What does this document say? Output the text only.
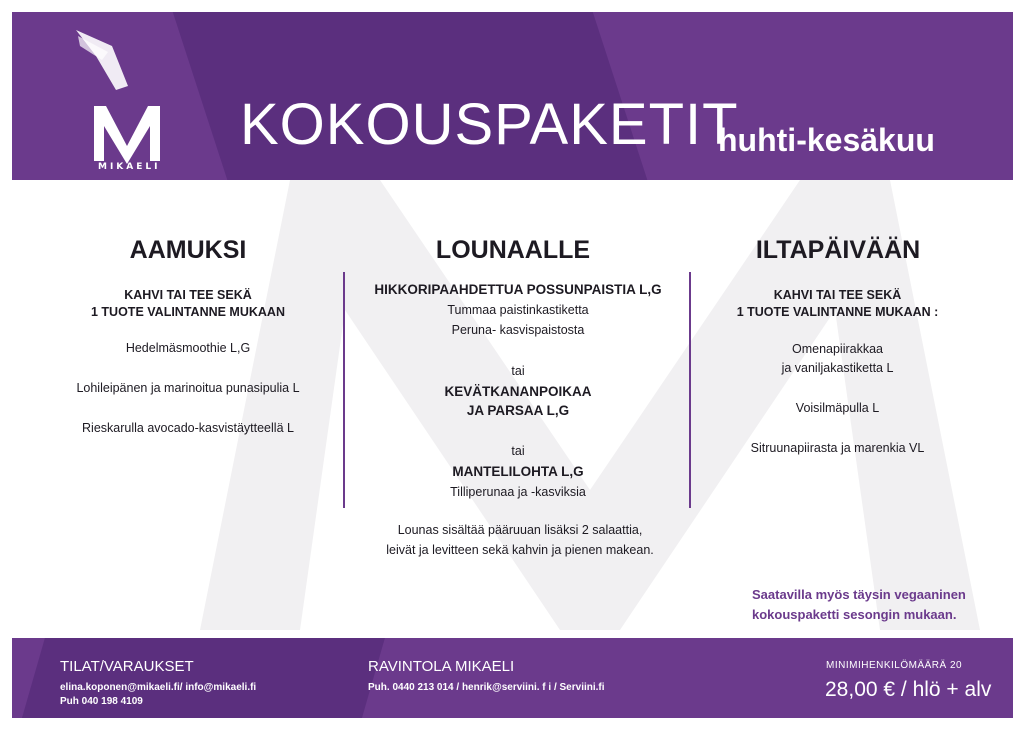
MIKAELI
KOKOUSPAKETIT
huhti-kesäkuu
AAMUKSI
KAHVI TAI TEE SEKÄ
1 TUOTE VALINTANNE MUKAAN
Hedelmäsmoothie L,G
Lohileipänen ja marinoitua punasipulia L
Rieskarulla avocado-kasvistäytteellä L
LOUNAALLE
HIKKORIPAAHDETTUA POSSUNPAISTIA L,G
Tummaa paistinkastiketta
Peruna- kasvispaistosta
tai
KEVÄTKANANPOIKAA
JA PARSAA L,G
tai
MANTELILOHTA L,G
Tilliperunaa ja -kasviksia
Lounas sisältää pääruuan lisäksi 2 salaattia,
leivät ja levitteen sekä kahvin ja pienen makean.
ILTAPÄIVÄÄN
KAHVI TAI TEE SEKÄ
1 TUOTE VALINTANNE MUKAAN :
Omenapiirakkaa
ja vaniljakastiketta L
Voisilmäpulla L
Sitruunapiirasta ja marenkia VL
Saatavilla myös täysin vegaaninen
kokouspaketti sesongin mukaan.
TILAT/VARAUKSET
elina.koponen@mikaeli.fi/ info@mikaeli.fi
Puh 040 198 4109
RAVINTOLA MIKAELI
Puh. 0440 213 014 / henrik@serviini. f i / Serviini.fi
MINIMIHENKILÖMÄÄRÄ 20
28,00 € / hlö + alv
